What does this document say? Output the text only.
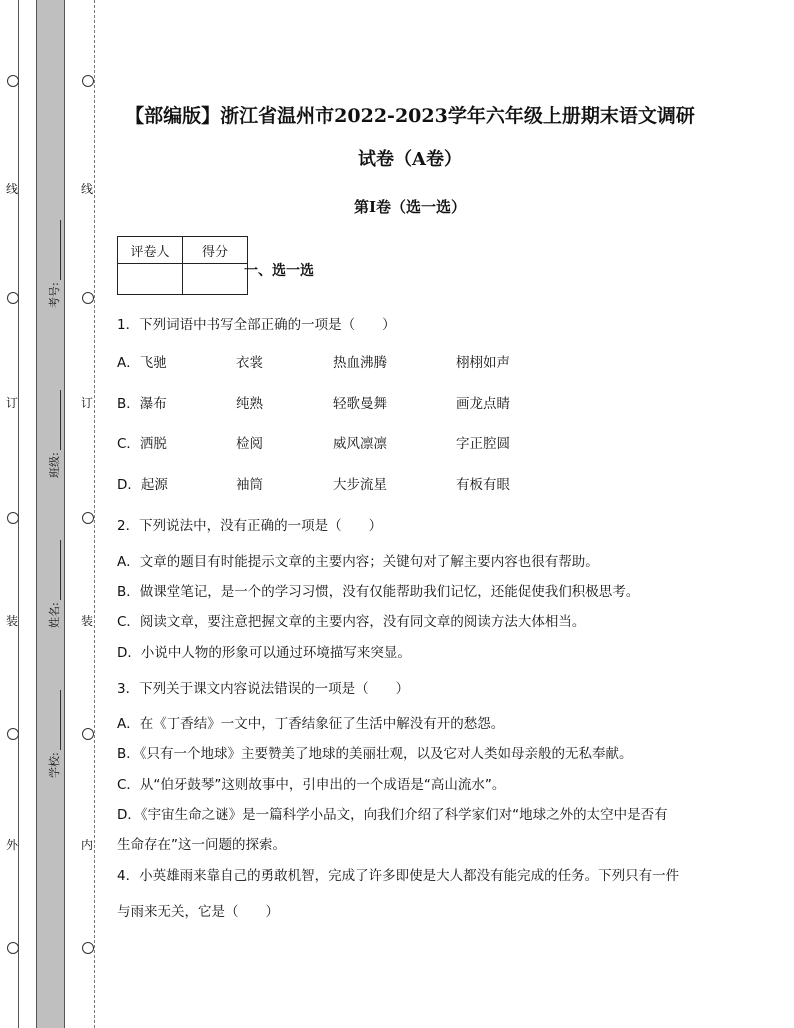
线
订
装
外
线
订
装
内
考号:
班级:
姓名:
学校:
【部编版】浙江省温州市2022-2023学年六年级上册期末语文调研
试卷（A卷）
第Ⅰ卷（选一选）
评卷人	得分

一、选一选
1．下列词语中书写全部正确的一项是（　　）
A．飞驰	衣裳	热血沸腾	栩栩如声
B．瀑布	纯熟	轻歌曼舞	画龙点睛
C．洒脱	检阅	威风凛凛	字正腔圆
D．起源	袖筒	大步流星	有板有眼
2．下列说法中，没有正确的一项是（　　）
A．文章的题目有时能提示文章的主要内容；关键句对了解主要内容也很有帮助。
B．做课堂笔记，是一个的学习习惯，没有仅能帮助我们记忆，还能促使我们积极思考。
C．阅读文章，要注意把握文章的主要内容，没有同文章的阅读方法大体相当。
D．小说中人物的形象可以通过环境描写来突显。
3．下列关于课文内容说法错误的一项是（　　）
A．在《丁香结》一文中，丁香结象征了生活中解没有开的愁怨。
B．《只有一个地球》主要赞美了地球的美丽壮观，以及它对人类如母亲般的无私奉献。
C．从“伯牙鼓琴”这则故事中，引申出的一个成语是“高山流水”。
D．《宇宙生命之谜》是一篇科学小品文，向我们介绍了科学家们对“地球之外的太空中是否有
生命存在”这一问题的探索。
4．小英雄雨来靠自己的勇敢机智，完成了许多即使是大人都没有能完成的任务。下列只有一件
与雨来无关，它是（　　）
